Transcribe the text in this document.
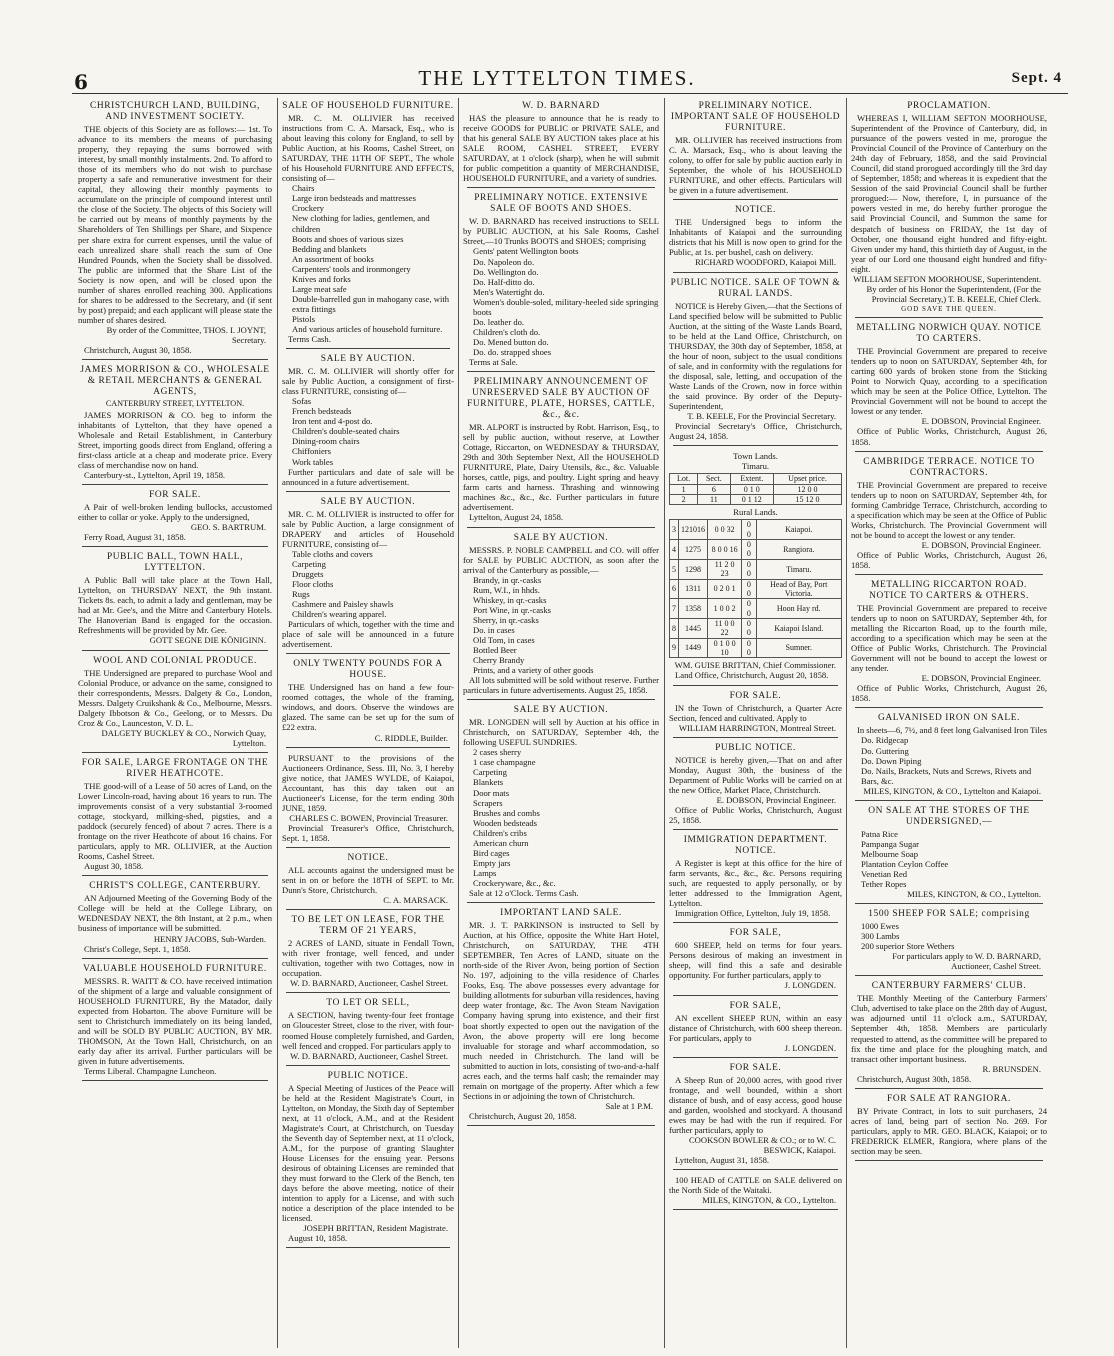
6	THE LYTTELTON TIMES.	Sept. 4
CHRISTCHURCH LAND, BUILDING, AND INVESTMENT SOCIETY.

THE objects of this Society are as follows:— 1st. To advance to its members the means of purchasing property, they repaying the sums borrowed with interest, by small monthly instalments. 2nd. To afford to those of its members who do not wish to purchase property a safe and remunerative investment for their capital, they allowing their monthly payments to accumulate on the principle of compound interest until the close of the Society. The objects of this Society will be carried out by means of monthly payments by the Shareholders of Ten Shillings per Share, and Sixpence per share extra for current expenses, until the value of each unrealized share shall reach the sum of One Hundred Pounds, when the Society shall be dissolved. The public are informed that the Share List of the Society is now open, and will be closed upon the number of shares enrolled reaching 300. Applications for shares to be addressed to the Secretary, and (if sent by post) prepaid; and each applicant will please state the number of shares desired.

By order of the Committee, THOS. I. JOYNT, Secretary.

Christchurch, August 30, 1858.

JAMES MORRISON & CO., WHOLESALE & RETAIL MERCHANTS & GENERAL AGENTS,
CANTERBURY STREET, LYTTELTON.

JAMES MORRISON & CO. beg to inform the inhabitants of Lyttelton, that they have opened a Wholesale and Retail Establishment, in Canterbury Street, importing goods direct from England, offering a first-class article at a cheap and moderate price. Every class of merchandise now on hand.

Canterbury-st., Lyttelton, April 19, 1858.

FOR SALE.

A Pair of well-broken lending bullocks, accustomed either to collar or yoke. Apply to the undersigned,

GEO. S. BARTRUM.

Ferry Road, August 31, 1858.

PUBLIC BALL, TOWN HALL, LYTTELTON.

A Public Ball will take place at the Town Hall, Lyttelton, on THURSDAY NEXT, the 9th instant. Tickets 8s. each, to admit a lady and gentleman, may be had at Mr. Gee's, and the Mitre and Canterbury Hotels. The Hanoverian Band is engaged for the occasion. Refreshments will be provided by Mr. Gee.

GOTT SEGNE DIE KÖNIGINN.
WOOL AND COLONIAL PRODUCE.

THE Undersigned are prepared to purchase Wool and Colonial Produce, or advance on the same, consigned to their correspondents, Messrs. Dalgety & Co., London, Messrs. Dalgety Cruikshank & Co., Melbourne, Messrs. Dalgety Ibbotson & Co., Geelong, or to Messrs. Du Croz & Co., Launceston, V. D. L.

DALGETY BUCKLEY & CO., Norwich Quay, Lyttelton.
FOR SALE, LARGE FRONTAGE ON THE RIVER HEATHCOTE.

THE good-will of a Lease of 50 acres of Land, on the Lower Lincoln-road, having about 16 years to run. The improvements consist of a very substantial 3-roomed cottage, stockyard, milking-shed, pigsties, and a paddock (securely fenced) of about 7 acres. There is a frontage on the river Heathcote of about 16 chains. For particulars, apply to MR. OLLIVIER, at the Auction Rooms, Cashel Street.

August 30, 1858.

CHRIST'S COLLEGE, CANTERBURY.

AN Adjourned Meeting of the Governing Body of the College will be held at the College Library, on WEDNESDAY NEXT, the 8th Instant, at 2 p.m., when business of importance will be submitted.

HENRY JACOBS, Sub-Warden.

Christ's College, Sept. 1, 1858.

VALUABLE HOUSEHOLD FURNITURE.

MESSRS. R. WAITT & CO. have received intimation of the shipment of a large and valuable consignment of HOUSEHOLD FURNITURE, By the Matador, daily expected from Hobarton. The above Furniture will be sent to Christchurch immediately on its being landed, and will be SOLD BY PUBLIC AUCTION, BY MR. THOMSON, At the Town Hall, Christchurch, on an early day after its arrival. Further particulars will be given in future advertisements.

Terms Liberal. Champagne Luncheon.

SALE OF HOUSEHOLD FURNITURE.

MR. C. M. OLLIVIER has received instructions from C. A. Marsack, Esq., who is about leaving this colony for England, to sell by Public Auction, at his Rooms, Cashel Street, on SATURDAY, THE 11TH OF SEPT., The whole of his Household FURNITURE AND EFFECTS, consisting of—

Chairs
Large iron bedsteads and mattresses
Crockery
New clothing for ladies, gentlemen, and children
Boots and shoes of various sizes
Bedding and blankets
An assortment of books
Carpenters' tools and ironmongery
Knives and forks
Large meat safe
Double-barrelled gun in mahogany case, with extra fittings
Pistols
And various articles of household furniture.

Terms Cash.

SALE BY AUCTION.

MR. C. M. OLLIVIER will shortly offer for sale by Public Auction, a consignment of first-class FURNITURE, consisting of—

Sofas
French bedsteads
Iron tent and 4-post do.
Children's double-seated chairs
Dining-room chairs
Chiffoniers
Work tables

Further particulars and date of sale will be announced in a future advertisement.

SALE BY AUCTION.

MR. C. M. OLLIVIER is instructed to offer for sale by Public Auction, a large consignment of DRAPERY and articles of Household FURNITURE, consisting of—

Table cloths and covers
Carpeting
Druggets
Floor cloths
Rugs
Cashmere and Paisley shawls
Children's wearing apparel.

Particulars of which, together with the time and place of sale will be announced in a future advertisement.

ONLY TWENTY POUNDS FOR A HOUSE.

THE Undersigned has on hand a few four-roomed cottages, the whole of the framing, windows, and doors. Observe the windows are glazed. The same can be set up for the sum of £22 extra.

C. RIDDLE, Builder.

PURSUANT to the provisions of the Auctioneers Ordinance, Sess. III, No. 3, I hereby give notice, that JAMES WYLDE, of Kaiapoi, Accountant, has this day taken out an Auctioneer's License, for the term ending 30th JUNE, 1859.

CHARLES C. BOWEN, Provincial Treasurer.

Provincial Treasurer's Office, Christchurch, Sept. 1, 1858.

NOTICE.

ALL accounts against the undersigned must be sent in on or before the 18TH of SEPT. to Mr. Dunn's Store, Christchurch.

C. A. MARSACK.
TO BE LET ON LEASE, FOR THE TERM OF 21 YEARS,

2 ACRES of LAND, situate in Fendall Town, with river frontage, well fenced, and under cultivation, together with two Cottages, now in occupation.

W. D. BARNARD, Auctioneer, Cashel Street.
TO LET OR SELL,

A SECTION, having twenty-four feet frontage on Gloucester Street, close to the river, with four-roomed House completely furnished, and Garden, well fenced and cropped. For particulars apply to

W. D. BARNARD, Auctioneer, Cashel Street.
PUBLIC NOTICE.

A Special Meeting of Justices of the Peace will be held at the Resident Magistrate's Court, in Lyttelton, on Monday, the Sixth day of September next, at 11 o'clock, A.M., and at the Resident Magistrate's Court, at Christchurch, on Tuesday the Seventh day of September next, at 11 o'clock, A.M., for the purpose of granting Slaughter House Licenses for the ensuing year. Persons desirous of obtaining Licenses are reminded that they must forward to the Clerk of the Bench, ten days before the above meeting, notice of their intention to apply for a License, and with such notice a description of the place intended to be licensed.

JOSEPH BRITTAN, Resident Magistrate.

August 10, 1858.

W. D. BARNARD

HAS the pleasure to announce that he is ready to receive GOODS for PUBLIC or PRIVATE SALE, and that his general SALE BY AUCTION takes place at his SALE ROOM, CASHEL STREET, EVERY SATURDAY, at 1 o'clock (sharp), when he will submit for public competition a quantity of MERCHANDISE, HOUSEHOLD FURNITURE, and a variety of sundries.

PRELIMINARY NOTICE. EXTENSIVE SALE OF BOOTS AND SHOES.

W. D. BARNARD has received instructions to SELL by PUBLIC AUCTION, at his Sale Rooms, Cashel Street,—10 Trunks BOOTS and SHOES; comprising

Gents' patent Wellington boots
Do. Napoleon do.
Do. Wellington do.
Do. Half-ditto do.
Men's Watertight do.
Women's double-soled, military-heeled side springing boots
Do. leather do.
Children's cloth do.
Do. Mened button do.
Do. do. strapped shoes

Terms at Sale.

PRELIMINARY ANNOUNCEMENT OF UNRESERVED SALE BY AUCTION OF FURNITURE, PLATE, HORSES, CATTLE, &c., &c.

MR. ALPORT is instructed by Robt. Harrison, Esq., to sell by public auction, without reserve, at Lowther Cottage, Riccarton, on WEDNESDAY & THURSDAY, 29th and 30th September Next, All the HOUSEHOLD FURNITURE, Plate, Dairy Utensils, &c., &c. Valuable horses, cattle, pigs, and poultry. Light spring and heavy farm carts and harness. Thrashing and winnowing machines &c., &c., &c. Further particulars in future advertisement.

Lyttelton, August 24, 1858.

SALE BY AUCTION.

MESSRS. P. NOBLE CAMPBELL and CO. will offer for SALE by PUBLIC AUCTION, as soon after the arrival of the Canterbury as possible,—

Brandy, in qr.-casks
Rum, W.I., in hhds.
Whiskey, in qr.-casks
Port Wine, in qr.-casks
Sherry, in qr.-casks
Do. in cases
Old Tom, in cases
Bottled Beer
Cherry Brandy
Prints, and a variety of other goods

All lots submitted will be sold without reserve. Further particulars in future advertisements. August 25, 1858.

SALE BY AUCTION.

MR. LONGDEN will sell by Auction at his office in Christchurch, on SATURDAY, September 4th, the following USEFUL SUNDRIES.

2 cases sherry
1 case champagne
Carpeting
Blankets
Door mats
Scrapers
Brushes and combs
Wooden bedsteads
Children's cribs
American churn
Bird cages
Empty jars
Lamps
Crockeryware, &c., &c.

Sale at 12 o'Clock. Terms Cash.

IMPORTANT LAND SALE.

MR. J. T. PARKINSON is instructed to Sell by Auction, at his Office, opposite the White Hart Hotel, Christchurch, on SATURDAY, THE 4TH SEPTEMBER, Ten Acres of LAND, situate on the north-side of the River Avon, being portion of Section No. 197, adjoining to the villa residence of Charles Fooks, Esq. The above possesses every advantage for building allotments for suburban villa residences, having deep water frontage, &c. The Avon Steam Navigation Company having sprung into existence, and their first boat shortly expected to open out the navigation of the Avon, the above property will ere long become invaluable for storage and wharf accommodation, so much needed in Christchurch. The land will be submitted to auction in lots, consisting of two-and-a-half acres each, and the terms half cash; the remainder may remain on mortgage of the property. After which a few Sections in or adjoining the town of Christchurch.

Sale at 1 P.M.

Christchurch, August 20, 1858.

PRELIMINARY NOTICE. IMPORTANT SALE OF HOUSEHOLD FURNITURE.

MR. OLLIVIER has received instructions from C. A. Marsack, Esq., who is about leaving the colony, to offer for sale by public auction early in September, the whole of his HOUSEHOLD FURNITURE, and other effects. Particulars will be given in a future advertisement.

NOTICE.

THE Undersigned begs to inform the Inhabitants of Kaiapoi and the surrounding districts that his Mill is now open to grind for the Public, at 1s. per bushel, cash on delivery.

RICHARD WOODFORD, Kaiapoi Mill.
PUBLIC NOTICE. SALE OF TOWN & RURAL LANDS.

NOTICE is Hereby Given,—that the Sections of Land specified below will be submitted to Public Auction, at the sitting of the Waste Lands Board, to be held at the Land Office, Christchurch, on THURSDAY, the 30th day of September, 1858, at the hour of noon, subject to the usual conditions of sale, and in conformity with the regulations for the disposal, sale, letting, and occupation of the Waste Lands of the Crown, now in force within the said province. By order of the Deputy-Superintendent,

T. B. KEELE, For the Provincial Secretary.

Provincial Secretary's Office, Christchurch, August 24, 1858.

Town Lands.
Timaru.
Lot.	Sect.	Extent.	Upset price.
1	6	0 1 0	12 0 0
2	11	0 1 12	15 12 0
Rural Lands.
3	121016	0 0 32	0 0	Kaiapoi.
4	1275	8 0 0 16	0 0	Rangiora.
5	1298	11 2 0 23	0 0	Timaru.
6	1311	0 2 0 1	0 0	Head of Bay, Port Victoria.
7	1358	1 0 0 2	0 0	Hoon Hay rd.
8	1445	11 0 0 22	0 0	Kaiapoi Island.
9	1449	0 1 0 0 10	0 0	Sumner.
WM. GUISE BRITTAN, Chief Commissioner.

Land Office, Christchurch, August 20, 1858.

FOR SALE.

IN the Town of Christchurch, a Quarter Acre Section, fenced and cultivated. Apply to

WILLIAM HARRINGTON, Montreal Street.
PUBLIC NOTICE.

NOTICE is hereby given,—That on and after Monday, August 30th, the business of the Department of Public Works will be carried on at the new Office, Market Place, Christchurch.

E. DOBSON, Provincial Engineer.

Office of Public Works, Christchurch, August 25, 1858.

IMMIGRATION DEPARTMENT. NOTICE.

A Register is kept at this office for the hire of farm servants, &c., &c., &c. Persons requiring such, are requested to apply personally, or by letter addressed to the Immigration Agent, Lyttelton.

Immigration Office, Lyttelton, July 19, 1858.

FOR SALE,

600 SHEEP, held on terms for four years. Persons desirous of making an investment in sheep, will find this a safe and desirable opportunity. For further particulars, apply to

J. LONGDEN.
FOR SALE,

AN excellent SHEEP RUN, within an easy distance of Christchurch, with 600 sheep thereon. For particulars, apply to

J. LONGDEN.
FOR SALE.

A Sheep Run of 20,000 acres, with good river frontage, and well bounded, within a short distance of bush, and of easy access, good house and garden, woolshed and stockyard. A thousand ewes may be had with the run if required. For further particulars, apply to

COOKSON BOWLER & CO.; or to W. C. BESWICK, Kaiapoi.

Lyttelton, August 31, 1858.

100 HEAD of CATTLE on SALE delivered on the North Side of the Waitaki.

MILES, KINGTON, & CO., Lyttelton.
PROCLAMATION.

WHEREAS I, WILLIAM SEFTON MOORHOUSE, Superintendent of the Province of Canterbury, did, in pursuance of the powers vested in me, prorogue the Provincial Council of the Province of Canterbury on the 24th day of February, 1858, and the said Provincial Council, did stand prorogued accordingly till the 3rd day of September, 1858; and whereas it is expedient that the Session of the said Provincial Council shall be further prorogued:— Now, therefore, I, in pursuance of the powers vested in me, do hereby further prorogue the said Provincial Council, and Summon the same for despatch of business on FRIDAY, the 1st day of October, one thousand eight hundred and fifty-eight. Given under my hand, this thirtieth day of August, in the year of our Lord one thousand eight hundred and fifty-eight.

WILLIAM SEFTON MOORHOUSE, Superintendent. By order of his Honor the Superintendent, (For the Provincial Secretary,) T. B. KEELE, Chief Clerk.
GOD SAVE THE QUEEN.
METALLING NORWICH QUAY. NOTICE TO CARTERS.

THE Provincial Government are prepared to receive tenders up to noon on SATURDAY, September 4th, for carting 600 yards of broken stone from the Sticking Point to Norwich Quay, according to a specification which may be seen at the Police Office, Lyttelton. The Provincial Government will not be bound to accept the lowest or any tender.

E. DOBSON, Provincial Engineer.

Office of Public Works, Christchurch, August 26, 1858.

CAMBRIDGE TERRACE. NOTICE TO CONTRACTORS.

THE Provincial Government are prepared to receive tenders up to noon on SATURDAY, September 4th, for forming Cambridge Terrace, Christchurch, according to a specification which may be seen at the Office of Public Works, Christchurch. The Provincial Government will not be bound to accept the lowest or any tender.

E. DOBSON, Provincial Engineer.

Office of Public Works, Christchurch, August 26, 1858.

METALLING RICCARTON ROAD. NOTICE TO CARTERS & OTHERS.

THE Provincial Government are prepared to receive tenders up to noon on SATURDAY, September 4th, for metalling the Riccarton Road, up to the fourth mile, according to a specification which may be seen at the Office of Public Works, Christchurch. The Provincial Government will not be bound to accept the lowest or any tender.

E. DOBSON, Provincial Engineer.

Office of Public Works, Christchurch, August 26, 1858.

GALVANISED IRON ON SALE.

In sheets—6, 7½, and 8 feet long Galvanised Iron Tiles

Do. Ridgecap
Do. Guttering
Do. Down Piping
Do. Nails, Brackets, Nuts and Screws, Rivets and Bars, &c.
MILES, KINGTON, & CO., Lyttelton and Kaiapoi.
ON SALE AT THE STORES OF THE UNDERSIGNED,—
Patna Rice
Pampanga Sugar
Melbourne Soap
Plantation Ceylon Coffee
Venetian Red
Tether Ropes
MILES, KINGTON, & CO., Lyttelton.
1500 SHEEP FOR SALE; comprising
1000 Ewes
300 Lambs
200 superior Store Wethers
For particulars apply to W. D. BARNARD, Auctioneer, Cashel Street.
CANTERBURY FARMERS' CLUB.

THE Monthly Meeting of the Canterbury Farmers' Club, advertised to take place on the 28th day of August, was adjourned until 11 o'clock a.m., SATURDAY, September 4th, 1858. Members are particularly requested to attend, as the committee will be prepared to fix the time and place for the ploughing match, and transact other important business.

R. BRUNSDEN.

Christchurch, August 30th, 1858.

FOR SALE AT RANGIORA.

BY Private Contract, in lots to suit purchasers, 24 acres of land, being part of section No. 269. For particulars, apply to MR. GEO. BLACK, Kaiapoi; or to FREDERICK ELMER, Rangiora, where plans of the section may be seen.
